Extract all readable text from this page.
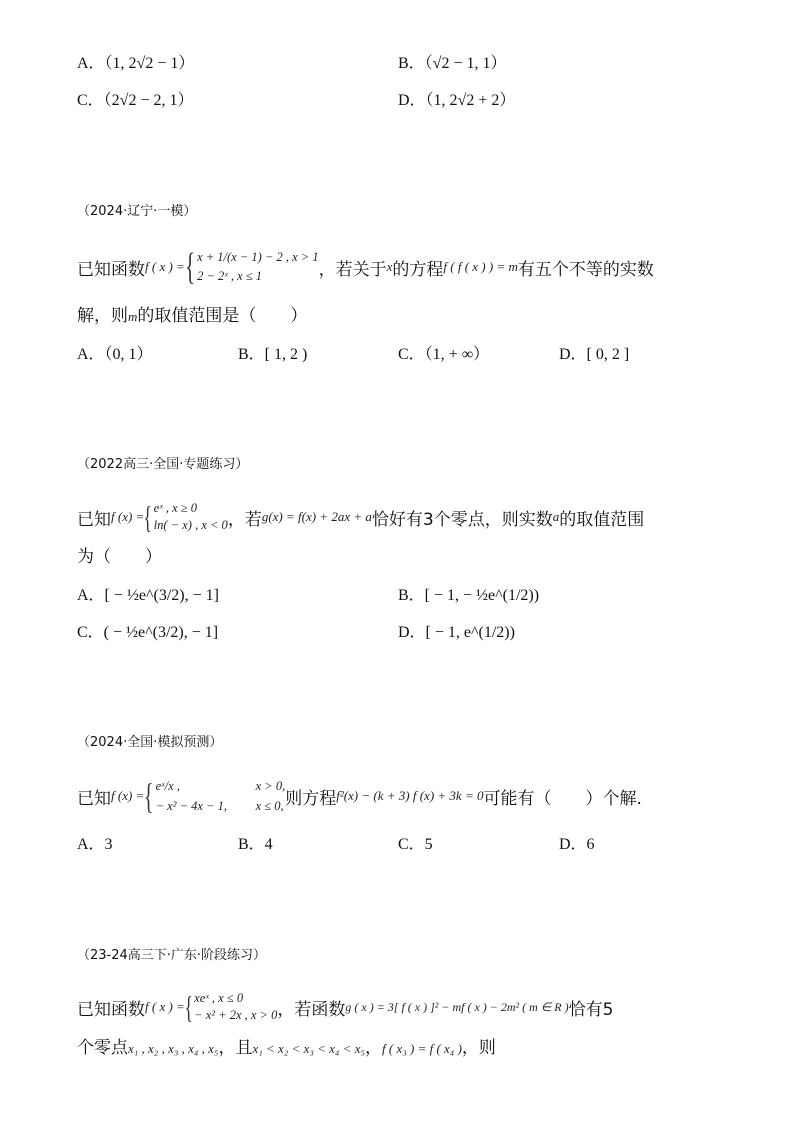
A．（1, 2√2 − 1）	B．（√2 − 1, 1）
C．（2√2 − 2, 1）	D．（1, 2√2 + 2）
（2024·辽宁·一模）
已知函数 f ( x ) = { x + 1/(x − 1) − 2 , x > 1
2 − 2ˣ , x ≤ 1	，若关于 x 的方程 f ( f ( x ) ) = m 有五个不等的实数
解，则m的取值范围是（　　）
A．（0, 1）	B．[ 1, 2 )	C．（1, + ∞）	D．[ 0, 2 ]
（2022高三·全国·专题练习）
已知 f (x) = { eˣ , x ≥ 0
ln( − x) , x < 0 ，若 g(x) = f(x) + 2ax + a 恰好有3个零点，则实数 a 的取值范围
为（　　）
A．[ − ½e^(3/2), − 1]	B．[ − 1, − ½e^(1/2))
C．( − ½e^(3/2), − 1]	D．[ − 1, e^(1/2))
（2024·全国·模拟预测）
已知 f (x) = { eˣ/x ,	x > 0,
− x² − 4x − 1,	x ≤ 0, 则方程 f²(x) − (k + 3) f (x) + 3k = 0 可能有（　　）个解.
A．3	B．4	C．5	D．6
（23-24高三下·广东·阶段练习）
已知函数 f ( x ) = { xeˣ , x ≤ 0
− x² + 2x , x > 0 ，若函数 g ( x ) = 3[ f ( x ) ]² − mf ( x ) − 2m² ( m ∈ R ) 恰有5
个零点x₁ , x₂ , x₃ , x₄ , x₅，且x₁ < x₂ < x₃ < x₄ < x₅，f ( x₃ ) = f ( x₄ )，则
